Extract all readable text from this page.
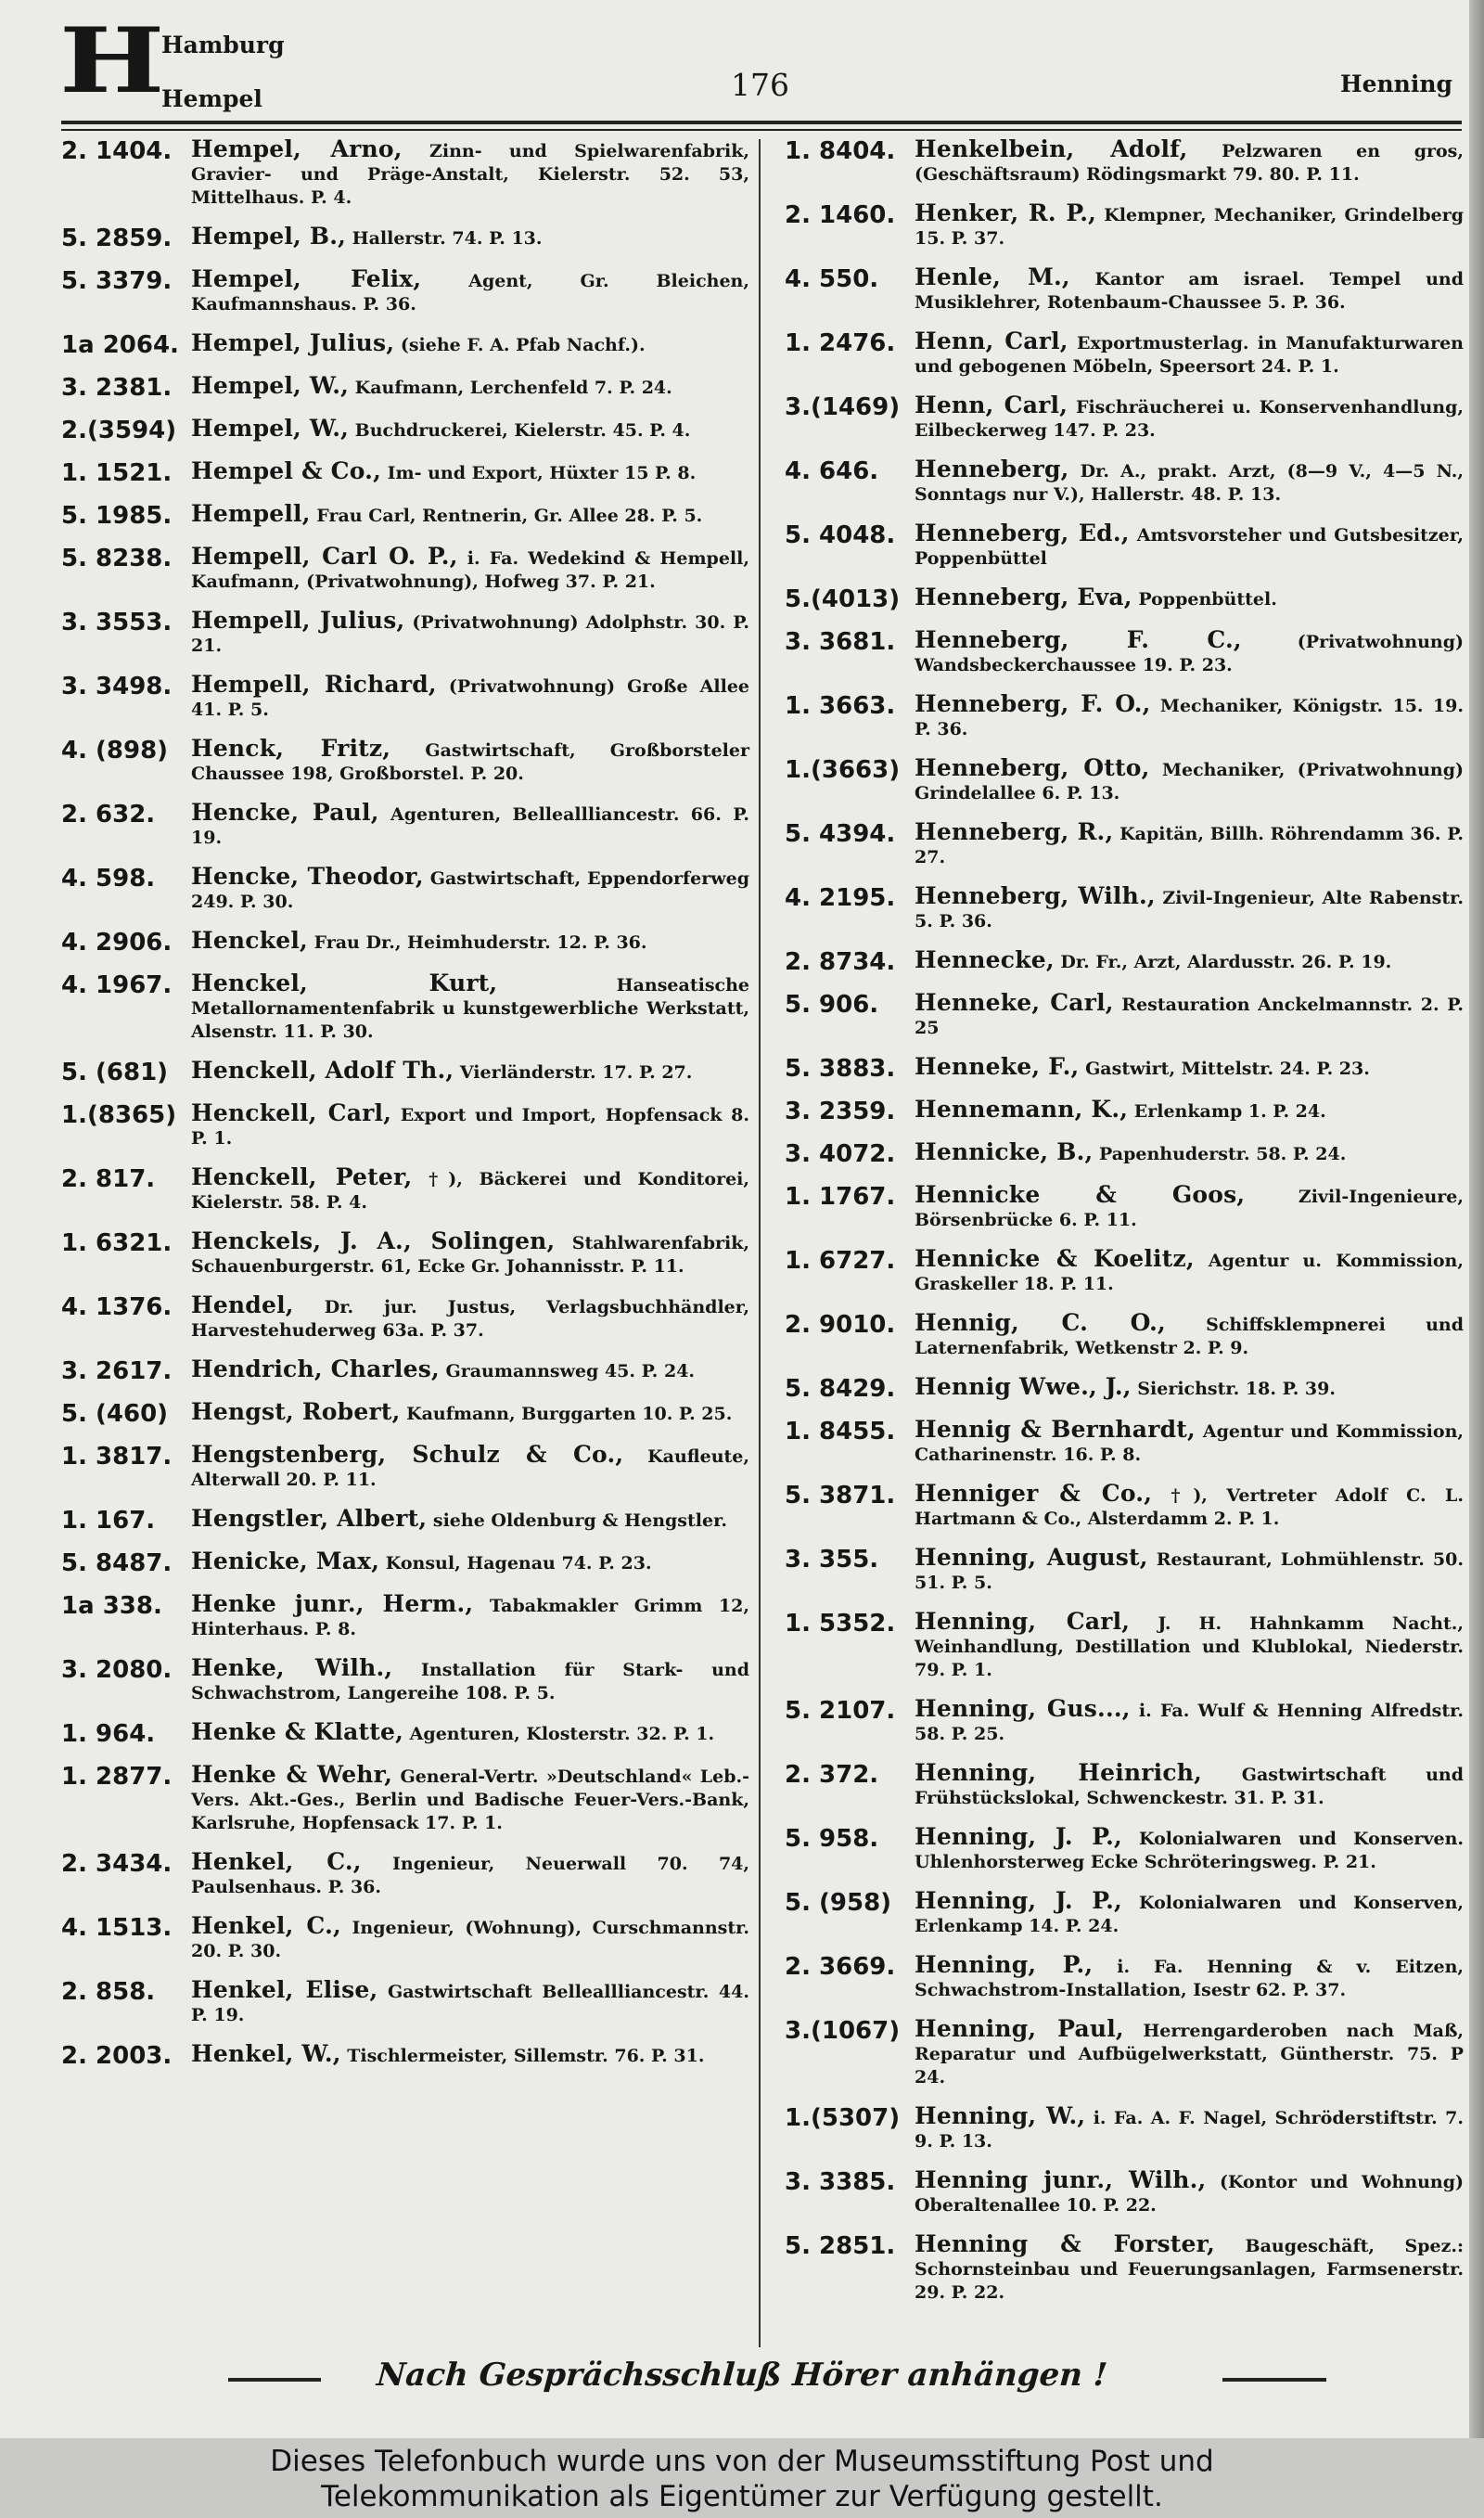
H
Hamburg
Hempel	176	Henning
2. 1404. Hempel, Arno, Zinn- und Spielwarenfabrik, Gravier- und Präge-Anstalt, Kielerstr. 52. 53, Mittelhaus. P. 4.
5. 2859. Hempel, B., Hallerstr. 74. P. 13.
5. 3379. Hempel, Felix, Agent, Gr. Bleichen, Kaufmannshaus. P. 36.
1a 2064. Hempel, Julius, (siehe F. A. Pfab Nachf.).
3. 2381. Hempel, W., Kaufmann, Lerchenfeld 7. P. 24.
2.(3594) Hempel, W., Buchdruckerei, Kielerstr. 45. P. 4.
1. 1521. Hempel & Co., Im- und Export, Hüxter 15 P. 8.
5. 1985. Hempell, Frau Carl, Rentnerin, Gr. Allee 28. P. 5.
5. 8238. Hempell, Carl O. P., i. Fa. Wedekind & Hempell, Kaufmann, (Privatwohnung), Hofweg 37. P. 21.
3. 3553. Hempell, Julius, (Privatwohnung) Adolphstr. 30. P. 21.
3. 3498. Hempell, Richard, (Privatwohnung) Große Allee 41. P. 5.
4. (898) Henck, Fritz, Gastwirtschaft, Großborsteler Chaussee 198, Großborstel. P. 20.
2. 632.	Hencke, Paul, Agenturen, Belleallliancestr. 66. P. 19.
4. 598.	Hencke, Theodor, Gastwirtschaft, Eppendorferweg 249. P. 30.
4. 2906. Henckel, Frau Dr., Heimhuderstr. 12. P. 36.
4. 1967. Henckel, Kurt, Hanseatische Metallornamentenfabrik u kunstgewerbliche Werkstatt, Alsenstr. 11. P. 30.
5. (681) Henckell, Adolf Th., Vierländerstr. 17. P. 27.
1.(8365) Henckell, Carl, Export und Import, Hopfensack 8. P. 1.
2. 817.	Henckell, Peter, †), Bäckerei und Konditorei, Kielerstr. 58. P. 4.
1. 6321. Henckels, J. A., Solingen, Stahlwarenfabrik, Schauenburgerstr. 61, Ecke Gr. Johannisstr. P. 11.
4. 1376. Hendel, Dr. jur. Justus, Verlagsbuchhändler, Harvestehuderweg 63a. P. 37.
3. 2617. Hendrich, Charles, Graumannsweg 45. P. 24.
5. (460) Hengst, Robert, Kaufmann, Burggarten 10. P. 25.
1. 3817. Hengstenberg, Schulz & Co., Kaufleute, Alterwall 20. P. 11.
1. 167.	Hengstler, Albert, siehe Oldenburg & Hengstler.
5. 8487. Henicke, Max, Konsul, Hagenau 74. P. 23.
1a 338.	Henke junr., Herm., Tabakmakler Grimm 12, Hinterhaus. P. 8.
3. 2080. Henke, Wilh., Installation für Stark- und Schwachstrom, Langereihe 108. P. 5.
1. 964.	Henke & Klatte, Agenturen, Klosterstr. 32. P. 1.
1. 2877. Henke & Wehr, General-Vertr. »Deutschland« Leb.-Vers. Akt.-Ges., Berlin und Badische Feuer-Vers.-Bank, Karlsruhe, Hopfensack 17. P. 1.
2. 3434. Henkel, C., Ingenieur, Neuerwall 70. 74, Paulsenhaus. P. 36.
4. 1513. Henkel, C., Ingenieur, (Wohnung), Curschmannstr. 20. P. 30.
2. 858.	Henkel, Elise, Gastwirtschaft Belleallliancestr. 44. P. 19.
2. 2003. Henkel, W., Tischlermeister, Sillemstr. 76. P. 31.
1. 8404. Henkelbein, Adolf, Pelzwaren en gros, (Geschäftsraum) Rödingsmarkt 79. 80. P. 11.
2. 1460. Henker, R. P., Klempner, Mechaniker, Grindelberg 15. P. 37.
4. 550.	Henle, M., Kantor am israel. Tempel und Musiklehrer, Rotenbaum-Chaussee 5. P. 36.
1. 2476. Henn, Carl, Exportmusterlag. in Manufakturwaren und gebogenen Möbeln, Speersort 24. P. 1.
3.(1469) Henn, Carl, Fischräucherei u. Konservenhandlung, Eilbeckerweg 147. P. 23.
4. 646.	Henneberg, Dr. A., prakt. Arzt, (8—9 V., 4—5 N., Sonntags nur V.), Hallerstr. 48. P. 13.
5. 4048. Henneberg, Ed., Amtsvorsteher und Gutsbesitzer, Poppenbüttel
5.(4013) Henneberg, Eva, Poppenbüttel.
3. 3681. Henneberg, F. C., (Privatwohnung) Wandsbeckerchaussee 19. P. 23.
1. 3663. Henneberg, F. O., Mechaniker, Königstr. 15. 19. P. 36.
1.(3663) Henneberg, Otto, Mechaniker, (Privatwohnung) Grindelallee 6. P. 13.
5. 4394. Henneberg, R., Kapitän, Billh. Röhrendamm 36. P. 27.
4. 2195. Henneberg, Wilh., Zivil-Ingenieur, Alte Rabenstr. 5. P. 36.
2. 8734. Hennecke, Dr. Fr., Arzt, Alardusstr. 26. P. 19.
5. 906.	Henneke, Carl, Restauration Anckelmannstr. 2. P. 25
5. 3883. Henneke, F., Gastwirt, Mittelstr. 24. P. 23.
3. 2359. Hennemann, K., Erlenkamp 1. P. 24.
3. 4072. Hennicke, B., Papenhuderstr. 58. P. 24.
1. 1767. Hennicke & Goos, Zivil-Ingenieure, Börsenbrücke 6. P. 11.
1. 6727. Hennicke & Koelitz, Agentur u. Kommission, Graskeller 18. P. 11.
2. 9010. Hennig, C. O., Schiffsklempnerei und Laternenfabrik, Wetkenstr 2. P. 9.
5. 8429. Hennig Wwe., J., Sierichstr. 18. P. 39.
1. 8455. Hennig & Bernhardt, Agentur und Kommission, Catharinenstr. 16. P. 8.
5. 3871. Henniger & Co., †), Vertreter Adolf C. L. Hartmann & Co., Alsterdamm 2. P. 1.
3. 355.	Henning, August, Restaurant, Lohmühlenstr. 50. 51. P. 5.
1. 5352. Henning, Carl, J. H. Hahnkamm Nacht., Weinhandlung, Destillation und Klublokal, Niederstr. 79. P. 1.
5. 2107. Henning, Gus..., i. Fa. Wulf & Henning Alfredstr. 58. P. 25.
2. 372.	Henning, Heinrich, Gastwirtschaft und Frühstückslokal, Schwenckestr. 31. P. 31.
5. 958.	Henning, J. P., Kolonialwaren und Konserven. Uhlenhorsterweg Ecke Schröteringsweg. P. 21.
5. (958) Henning, J. P., Kolonialwaren und Konserven, Erlenkamp 14. P. 24.
2. 3669. Henning, P., i. Fa. Henning & v. Eitzen, Schwachstrom-Installation, Isestr 62. P. 37.
3.(1067) Henning, Paul, Herrengarderoben nach Maß, Reparatur und Aufbügelwerkstatt, Güntherstr. 75. P 24.
1.(5307) Henning, W., i. Fa. A. F. Nagel, Schröderstiftstr. 7. 9. P. 13.
3. 3385. Henning junr., Wilh., (Kontor und Wohnung) Oberaltenallee 10. P. 22.
5. 2851. Henning & Forster, Baugeschäft, Spez.: Schornsteinbau und Feuerungsanlagen, Farmsenerstr. 29. P. 22.
Nach Gesprächsschluß Hörer anhängen !
Dieses Telefonbuch wurde uns von der Museumsstiftung Post und
Telekommunikation als Eigentümer zur Verfügung gestellt.
